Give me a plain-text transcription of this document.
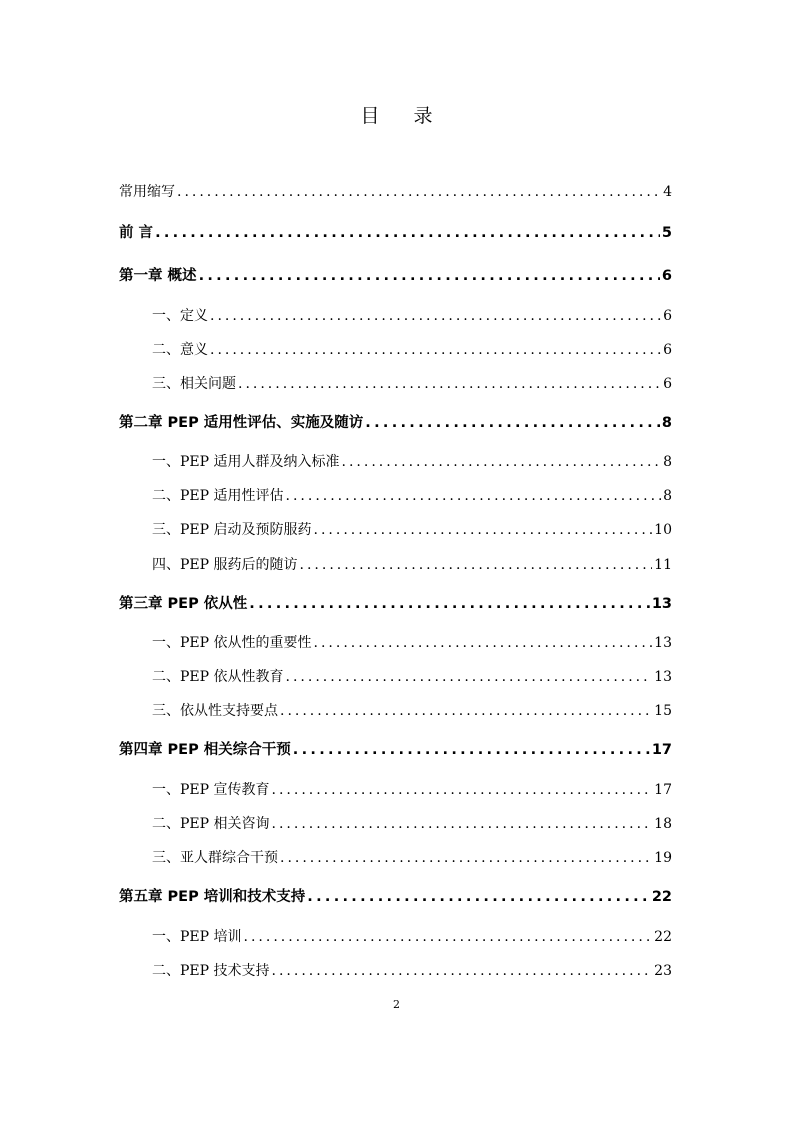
目 录
常用缩写 .....	4
前 言 .....	5
第一章 概述 .....	6
一、定义 .....	6
二、意义 .....	6
三、相关问题 .....	6
第二章 PEP 适用性评估、实施及随访 .....	8
一、PEP 适用人群及纳入标准 .....	8
二、PEP 适用性评估 .....	8
三、PEP 启动及预防服药 .....	10
四、PEP 服药后的随访 .....	11
第三章 PEP 依从性 .....	13
一、PEP 依从性的重要性 .....	13
二、PEP 依从性教育 .....	13
三、依从性支持要点 .....	15
第四章 PEP 相关综合干预 .....	17
一、PEP 宣传教育 .....	17
二、PEP 相关咨询 .....	18
三、亚人群综合干预 .....	19
第五章 PEP 培训和技术支持 .....	22
一、PEP 培训 .....	22
二、PEP 技术支持 .....	23
2
